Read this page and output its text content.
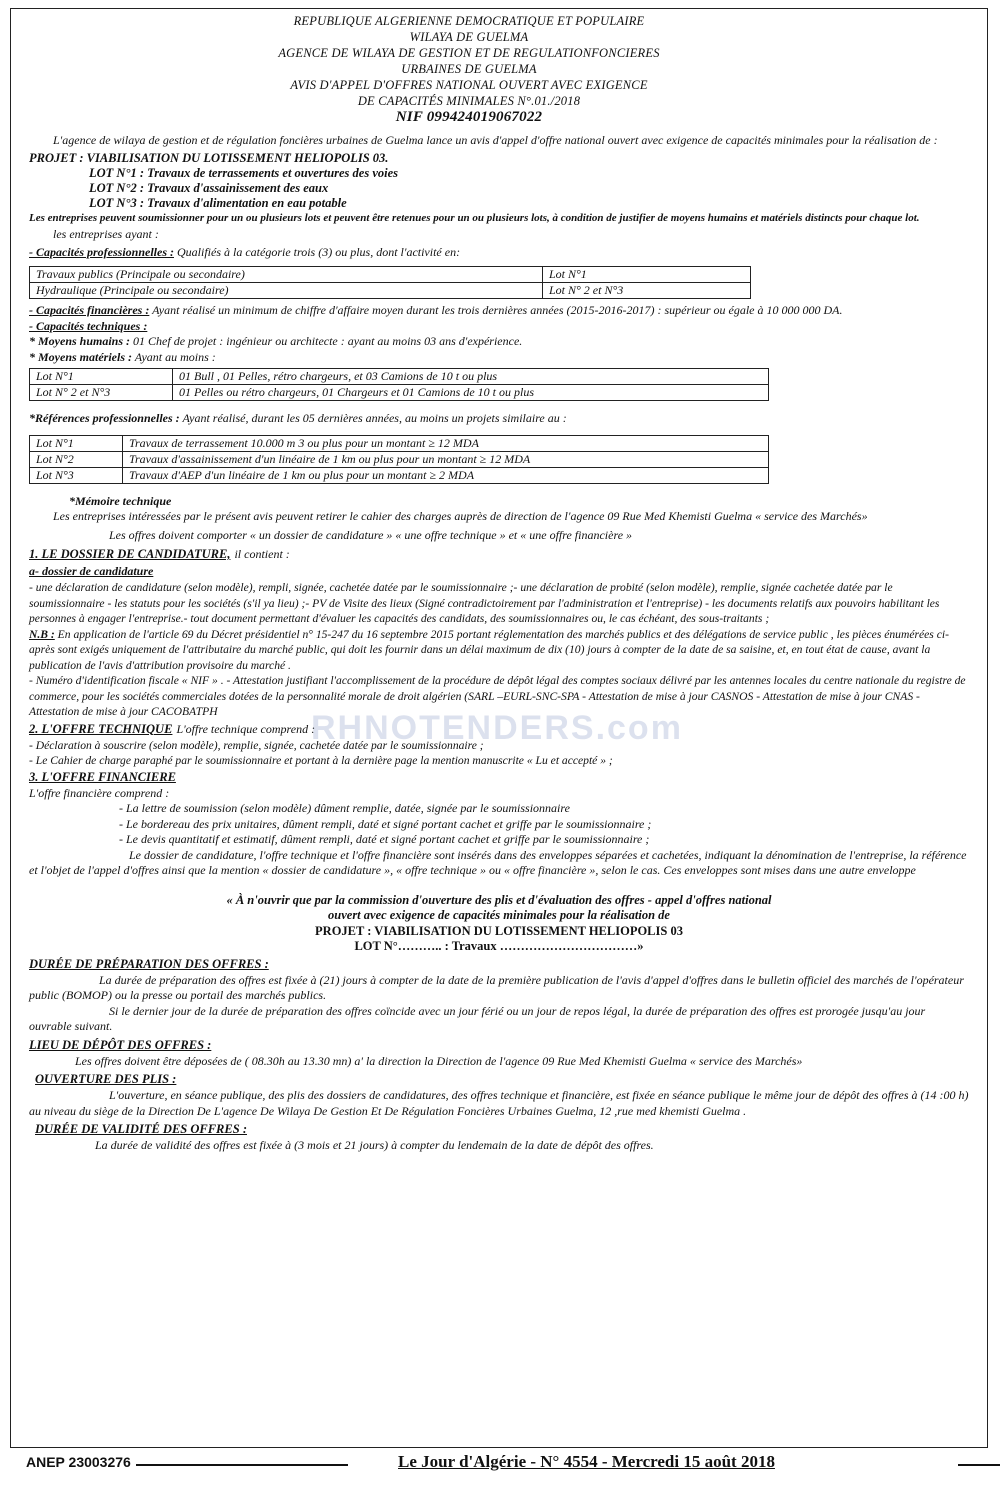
REPUBLIQUE ALGERIENNE DEMOCRATIQUE ET POPULAIRE
WILAYA DE GUELMA
AGENCE DE WILAYA DE GESTION ET DE REGULATIONFONCIERES
URBAINES DE GUELMA
AVIS D'APPEL D'OFFRES NATIONAL OUVERT AVEC EXIGENCE
DE CAPACITÉS MINIMALES N°.01./2018
NIF 099424019067022

L'agence de wilaya de gestion et de régulation foncières urbaines de Guelma lance un avis d'appel d'offre national ouvert avec exigence de capacités minimales pour la réalisation de :

PROJET : VIABILISATION DU LOTISSEMENT HELIOPOLIS 03.

LOT N°1 : Travaux de terrassements et ouvertures des voies
LOT N°2 : Travaux d'assainissement des eaux
LOT N°3 : Travaux d'alimentation en eau potable

Les entreprises peuvent soumissionner pour un ou plusieurs lots et peuvent être retenues pour un ou plusieurs lots, à condition de justifier de moyens humains et matériels distincts pour chaque lot.

les entreprises ayant :

- Capacités professionnelles : Qualifiés à la catégorie trois (3) ou plus, dont l'activité en:

Travaux publics (Principale ou secondaire)	Lot N°1
Hydraulique (Principale ou secondaire)	Lot N° 2 et N°3

- Capacités financières : Ayant réalisé un minimum de chiffre d'affaire moyen durant les trois dernières années (2015-2016-2017) : supérieur ou égale à 10 000 000 DA.

- Capacités techniques :

* Moyens humains : 01 Chef de projet : ingénieur ou architecte : ayant au moins 03 ans d'expérience.

* Moyens matériels : Ayant au moins :

Lot N°1	01 Bull , 01 Pelles, rétro chargeurs, et 03 Camions de 10 t ou plus
Lot N° 2 et N°3	01 Pelles ou rétro chargeurs, 01 Chargeurs et 01 Camions de 10 t ou plus

*Références professionnelles : Ayant réalisé, durant les 05 dernières années, au moins un projets similaire au :

Lot N°1	Travaux de terrassement 10.000 m 3 ou plus pour un montant ≥ 12 MDA
Lot N°2	Travaux d'assainissement d'un linéaire de 1 km ou plus pour un montant ≥ 12 MDA
Lot N°3	Travaux d'AEP d'un linéaire de 1 km ou plus pour un montant ≥ 2 MDA

*Mémoire technique

Les entreprises intéressées par le présent avis peuvent retirer le cahier des charges auprès de direction de l'agence 09 Rue Med Khemisti Guelma « service des Marchés»

Les offres doivent comporter « un dossier de candidature » « une offre technique » et « une offre financière »

1. LE DOSSIER DE CANDIDATURE, il contient :

a- dossier de candidature

- une déclaration de candidature (selon modèle), rempli, signée, cachetée datée par le soumissionnaire ;- une déclaration de probité (selon modèle), remplie, signée cachetée datée par le soumissionnaire - les statuts pour les sociétés (s'il ya lieu) ;- PV de Visite des lieux (Signé contradictoirement par l'administration et l'entreprise) - les documents relatifs aux pouvoirs habilitant les personnes à engager l'entreprise.- tout document permettant d'évaluer les capacités des candidats, des soumissionnaires ou, le cas échéant, des sous-traitants ;

N.B : En application de l'article 69 du Décret présidentiel n° 15-247 du 16 septembre 2015 portant réglementation des marchés publics et des délégations de service public , les pièces énumérées ci-après sont exigés uniquement de l'attributaire du marché public, qui doit les fournir dans un délai maximum de dix (10) jours à compter de la date de sa saisine, et, en tout état de cause, avant la publication de l'avis d'attribution provisoire du marché .

- Numéro d'identification fiscale « NIF » . - Attestation justifiant l'accomplissement de la procédure de dépôt légal des comptes sociaux délivré par les antennes locales du centre nationale du registre de commerce, pour les sociétés commerciales dotées de la personnalité morale de droit algérien (SARL –EURL-SNC-SPA - Attestation de mise à jour CASNOS - Attestation de mise à jour CNAS - Attestation de mise à jour CACOBATPH

2. L'OFFRE TECHNIQUE L'offre technique comprend :

- Déclaration à souscrire (selon modèle), remplie, signée, cachetée datée par le soumissionnaire ;

- Le Cahier de charge paraphé par le soumissionnaire et portant à la dernière page la mention manuscrite « Lu et accepté » ;

3. L'OFFRE FINANCIERE

L'offre financière comprend :

- La lettre de soumission (selon modèle) dûment remplie, datée, signée par le soumissionnaire
- Le bordereau des prix unitaires, dûment rempli, daté et signé portant cachet et griffe par le soumissionnaire ;
- Le devis quantitatif et estimatif, dûment rempli, daté et signé portant cachet et griffe par le soumissionnaire ;

Le dossier de candidature, l'offre technique et l'offre financière sont insérés dans des enveloppes séparées et cachetées, indiquant la dénomination de l'entreprise, la référence et l'objet de l'appel d'offres ainsi que la mention « dossier de candidature », « offre technique » ou « offre financière », selon le cas. Ces enveloppes sont mises dans une autre enveloppe

« À n'ouvrir que par la commission d'ouverture des plis et d'évaluation des offres - appel d'offres national
ouvert avec exigence de capacités minimales pour la réalisation de
PROJET : VIABILISATION DU LOTISSEMENT HELIOPOLIS 03
LOT N°……….. : Travaux ……………………………»

DURÉE DE PRÉPARATION DES OFFRES :

La durée de préparation des offres est fixée à (21) jours à compter de la date de la première publication de l'avis d'appel d'offres dans le bulletin officiel des marchés de l'opérateur public (BOMOP) ou la presse ou portail des marchés publics.

Si le dernier jour de la durée de préparation des offres coïncide avec un jour férié ou un jour de repos légal, la durée de préparation des offres est prorogée jusqu'au jour ouvrable suivant.

LIEU DE DÉPÔT DES OFFRES :

Les offres doivent être déposées de ( 08.30h au 13.30 mn) a' la direction la Direction de l'agence 09 Rue Med Khemisti Guelma « service des Marchés»

OUVERTURE DES PLIS :

L'ouverture, en séance publique, des plis des dossiers de candidatures, des offres technique et financière, est fixée en séance publique le même jour de dépôt des offres à (14 :00 h) au niveau du siège de la Direction De L'agence De Wilaya De Gestion Et De Régulation Foncières Urbaines Guelma, 12 ,rue med khemisti Guelma .

DURÉE DE VALIDITÉ DES OFFRES :

La durée de validité des offres est fixée à (3 mois et 21 jours) à compter du lendemain de la date de dépôt des offres.

RHNOTENDERS.com
ANEP 23003276	Le Jour d'Algérie - N° 4554 - Mercredi 15 août 2018
